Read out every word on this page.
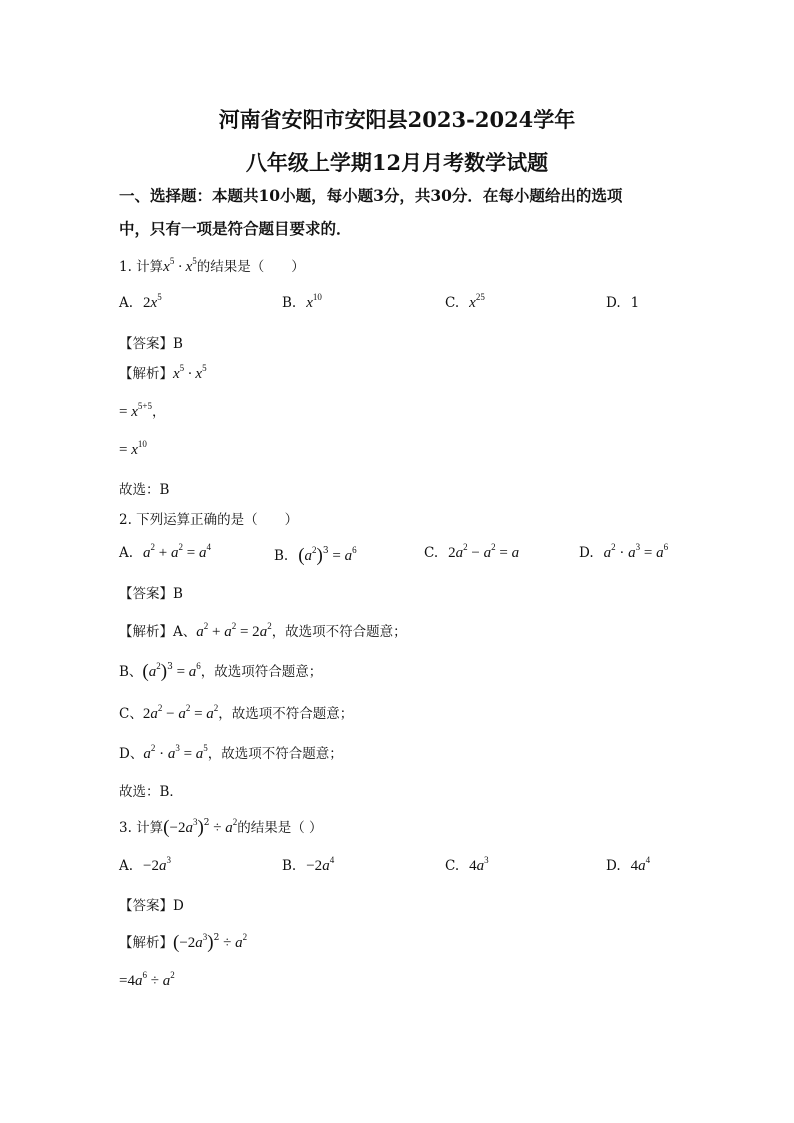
河南省安阳市安阳县2023-2024学年
八年级上学期12月月考数学试题
一、选择题：本题共10小题，每小题3分，共30分．在每小题给出的选项
中，只有一项是符合题目要求的．
1. 计算$x^5 \cdot x^5$的结果是（　　）
A. $2x^5$	B. $x^{10}$	C. $x^{25}$	D. 1
【答案】B
【解析】$x^5 \cdot x^5$
= $x^{5+5}$，
= $x^{10}$
故选：B
2. 下列运算正确的是（　　）
A. $a^2 + a^2 = a^4$
B. $(a^2)^3 = a^6$	C. $2a^2 - a^2 = a$	D. $a^2 \cdot a^3 = a^6$
【答案】B
【解析】A、$a^2 + a^2 = 2a^2$，故选项不符合题意；
B、$(a^2)^3 = a^6$，故选项符合题意；
C、$2a^2 - a^2 = a^2$，故选项不符合题意；
D、$a^2 \cdot a^3 = a^5$，故选项不符合题意；
故选：B．
3. 计算$(-2a^3)^2 \div a^2$的结果是（ ）
A. $-2a^3$	B. $-2a^4$	C. $4a^3$	D. $4a^4$
【答案】D
【解析】$(-2a^3)^2 \div a^2$
$=4a^6 \div a^2$
